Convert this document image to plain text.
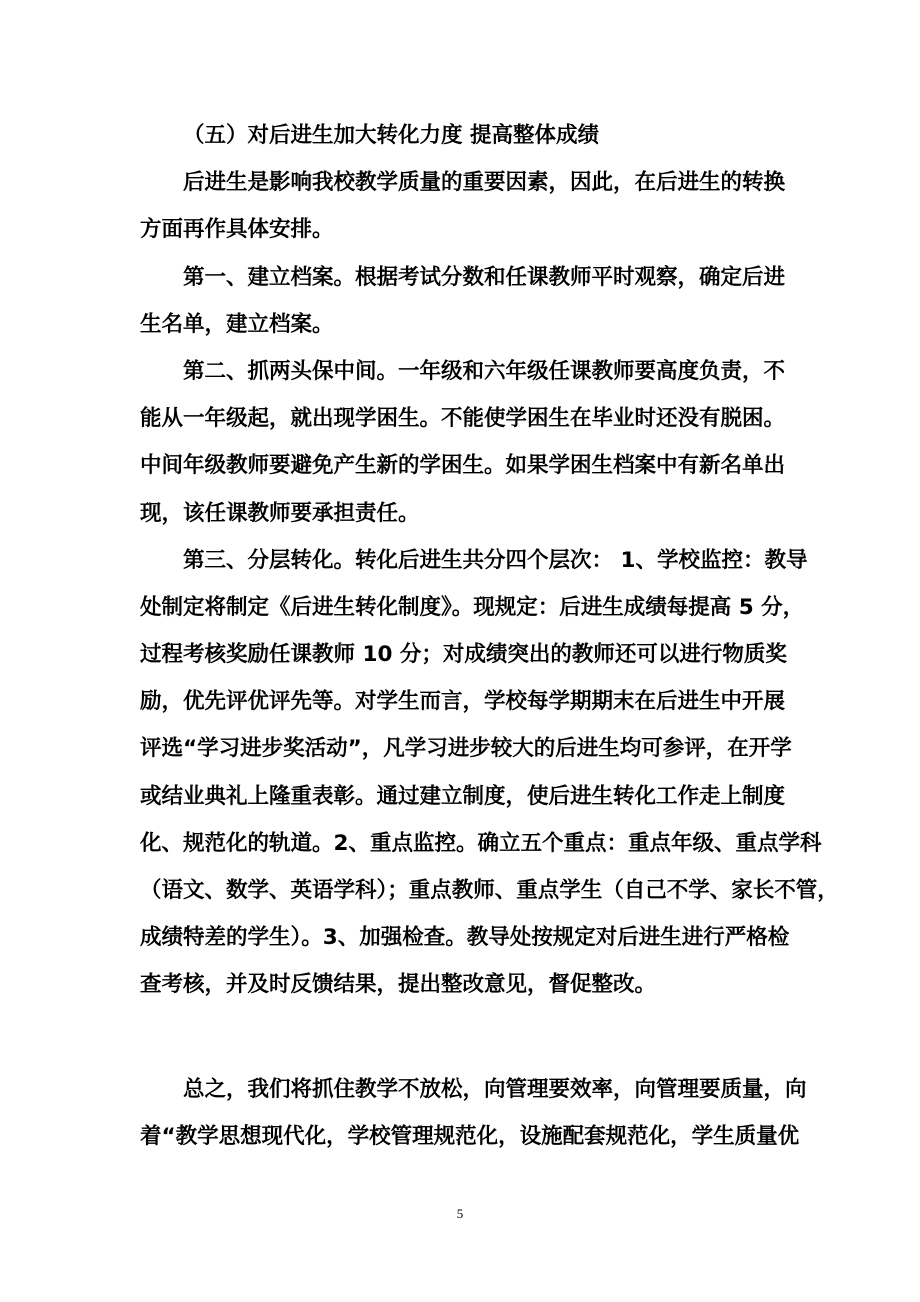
（五）对后进生加大转化力度 提高整体成绩
后进生是影响我校教学质量的重要因素，因此，在后进生的转换
方面再作具体安排。
第一、建立档案。根据考试分数和任课教师平时观察，确定后进
生名单，建立档案。
第二、抓两头保中间。一年级和六年级任课教师要高度负责，不
能从一年级起，就出现学困生。不能使学困生在毕业时还没有脱困。
中间年级教师要避免产生新的学困生。如果学困生档案中有新名单出
现，该任课教师要承担责任。
第三、分层转化。转化后进生共分四个层次： 1、学校监控：教导
处制定将制定《后进生转化制度》。现规定：后进生成绩每提高 5 分，
过程考核奖励任课教师 10 分；对成绩突出的教师还可以进行物质奖
励，优先评优评先等。对学生而言，学校每学期期末在后进生中开展
评选“学习进步奖活动”，凡学习进步较大的后进生均可参评，在开学
或结业典礼上隆重表彰。通过建立制度，使后进生转化工作走上制度
化、规范化的轨道。2、重点监控。确立五个重点：重点年级、重点学科
（语文、数学、英语学科）；重点教师、重点学生（自己不学、家长不管，
成绩特差的学生）。3、加强检查。教导处按规定对后进生进行严格检
查考核，并及时反馈结果，提出整改意见，督促整改。
总之，我们将抓住教学不放松，向管理要效率，向管理要质量，向
着“教学思想现代化，学校管理规范化，设施配套规范化，学生质量优
5
